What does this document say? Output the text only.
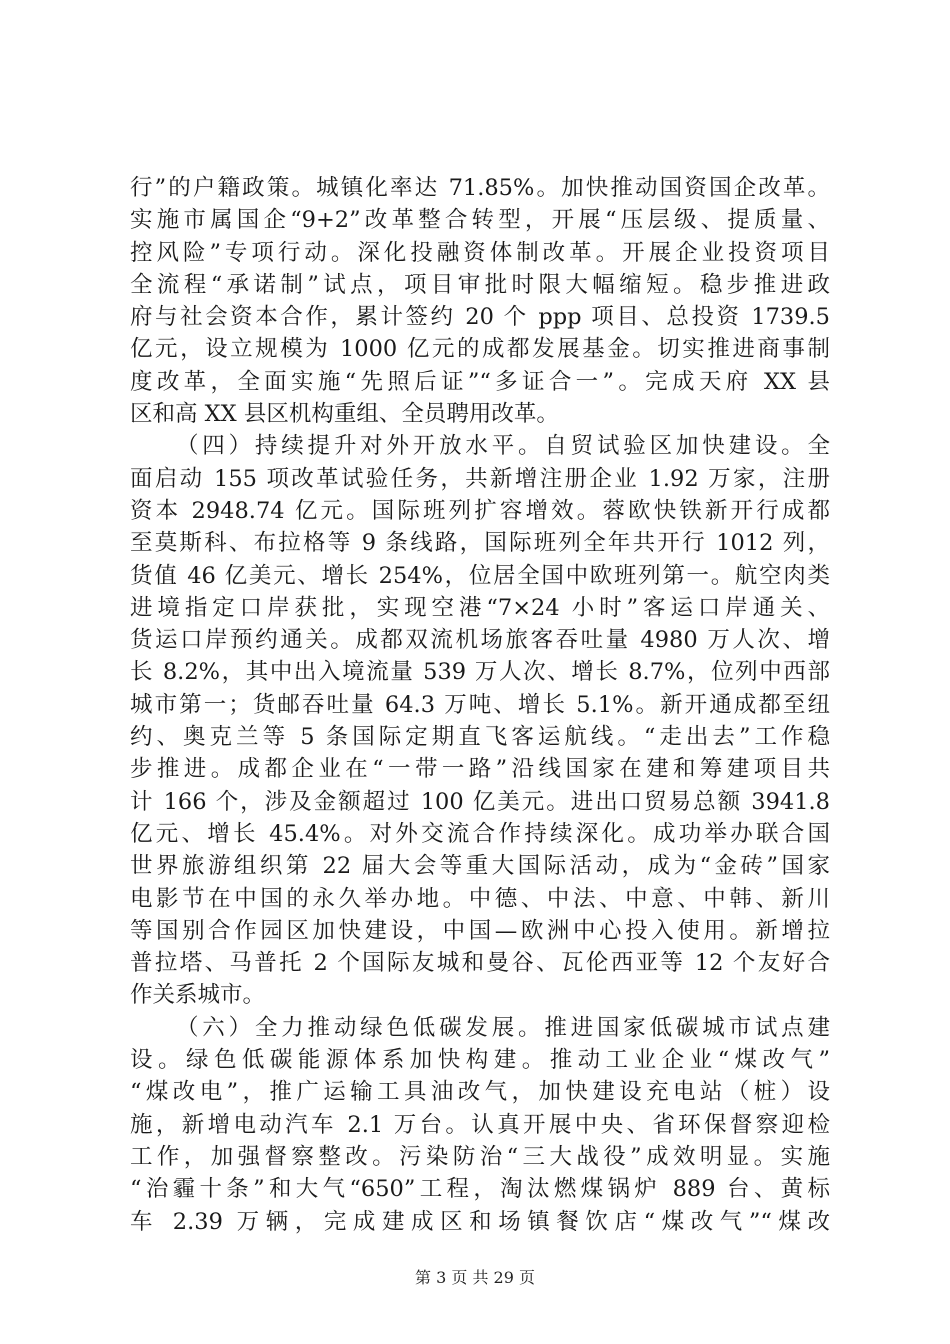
行”的户籍政策。城镇化率达 71.85%。加快推动国资国企改革。
实施市属国企“9+2”改革整合转型，开展“压层级、提质量、
控风险”专项行动。深化投融资体制改革。开展企业投资项目
全流程“承诺制”试点，项目审批时限大幅缩短。稳步推进政
府与社会资本合作，累计签约 20 个 ppp 项目、总投资 1739.5
亿元，设立规模为 1000 亿元的成都发展基金。切实推进商事制
度改革，全面实施“先照后证”“多证合一”。完成天府 XX 县
区和高 XX 县区机构重组、全员聘用改革。
（四）持续提升对外开放水平。自贸试验区加快建设。全
面启动 155 项改革试验任务，共新增注册企业 1.92 万家，注册
资本 2948.74 亿元。国际班列扩容增效。蓉欧快铁新开行成都
至莫斯科、布拉格等 9 条线路，国际班列全年共开行 1012 列，
货值 46 亿美元、增长 254%，位居全国中欧班列第一。航空肉类
进境指定口岸获批，实现空港“7×24 小时”客运口岸通关、
货运口岸预约通关。成都双流机场旅客吞吐量 4980 万人次、增
长 8.2%，其中出入境流量 539 万人次、增长 8.7%，位列中西部
城市第一；货邮吞吐量 64.3 万吨、增长 5.1%。新开通成都至纽
约、奥克兰等 5 条国际定期直飞客运航线。“走出去”工作稳
步推进。成都企业在“一带一路”沿线国家在建和筹建项目共
计 166 个，涉及金额超过 100 亿美元。进出口贸易总额 3941.8
亿元、增长 45.4%。对外交流合作持续深化。成功举办联合国
世界旅游组织第 22 届大会等重大国际活动，成为“金砖”国家
电影节在中国的永久举办地。中德、中法、中意、中韩、新川
等国别合作园区加快建设，中国—欧洲中心投入使用。新增拉
普拉塔、马普托 2 个国际友城和曼谷、瓦伦西亚等 12 个友好合
作关系城市。
（六）全力推动绿色低碳发展。推进国家低碳城市试点建
设。绿色低碳能源体系加快构建。推动工业企业“煤改气”
“煤改电”，推广运输工具油改气，加快建设充电站（桩）设
施，新增电动汽车 2.1 万台。认真开展中央、省环保督察迎检
工作，加强督察整改。污染防治“三大战役”成效明显。实施
“治霾十条”和大气“650”工程，淘汰燃煤锅炉 889 台、黄标
车 2.39 万辆，完成建成区和场镇餐饮店“煤改气”“煤改
第 3 页 共 29 页
